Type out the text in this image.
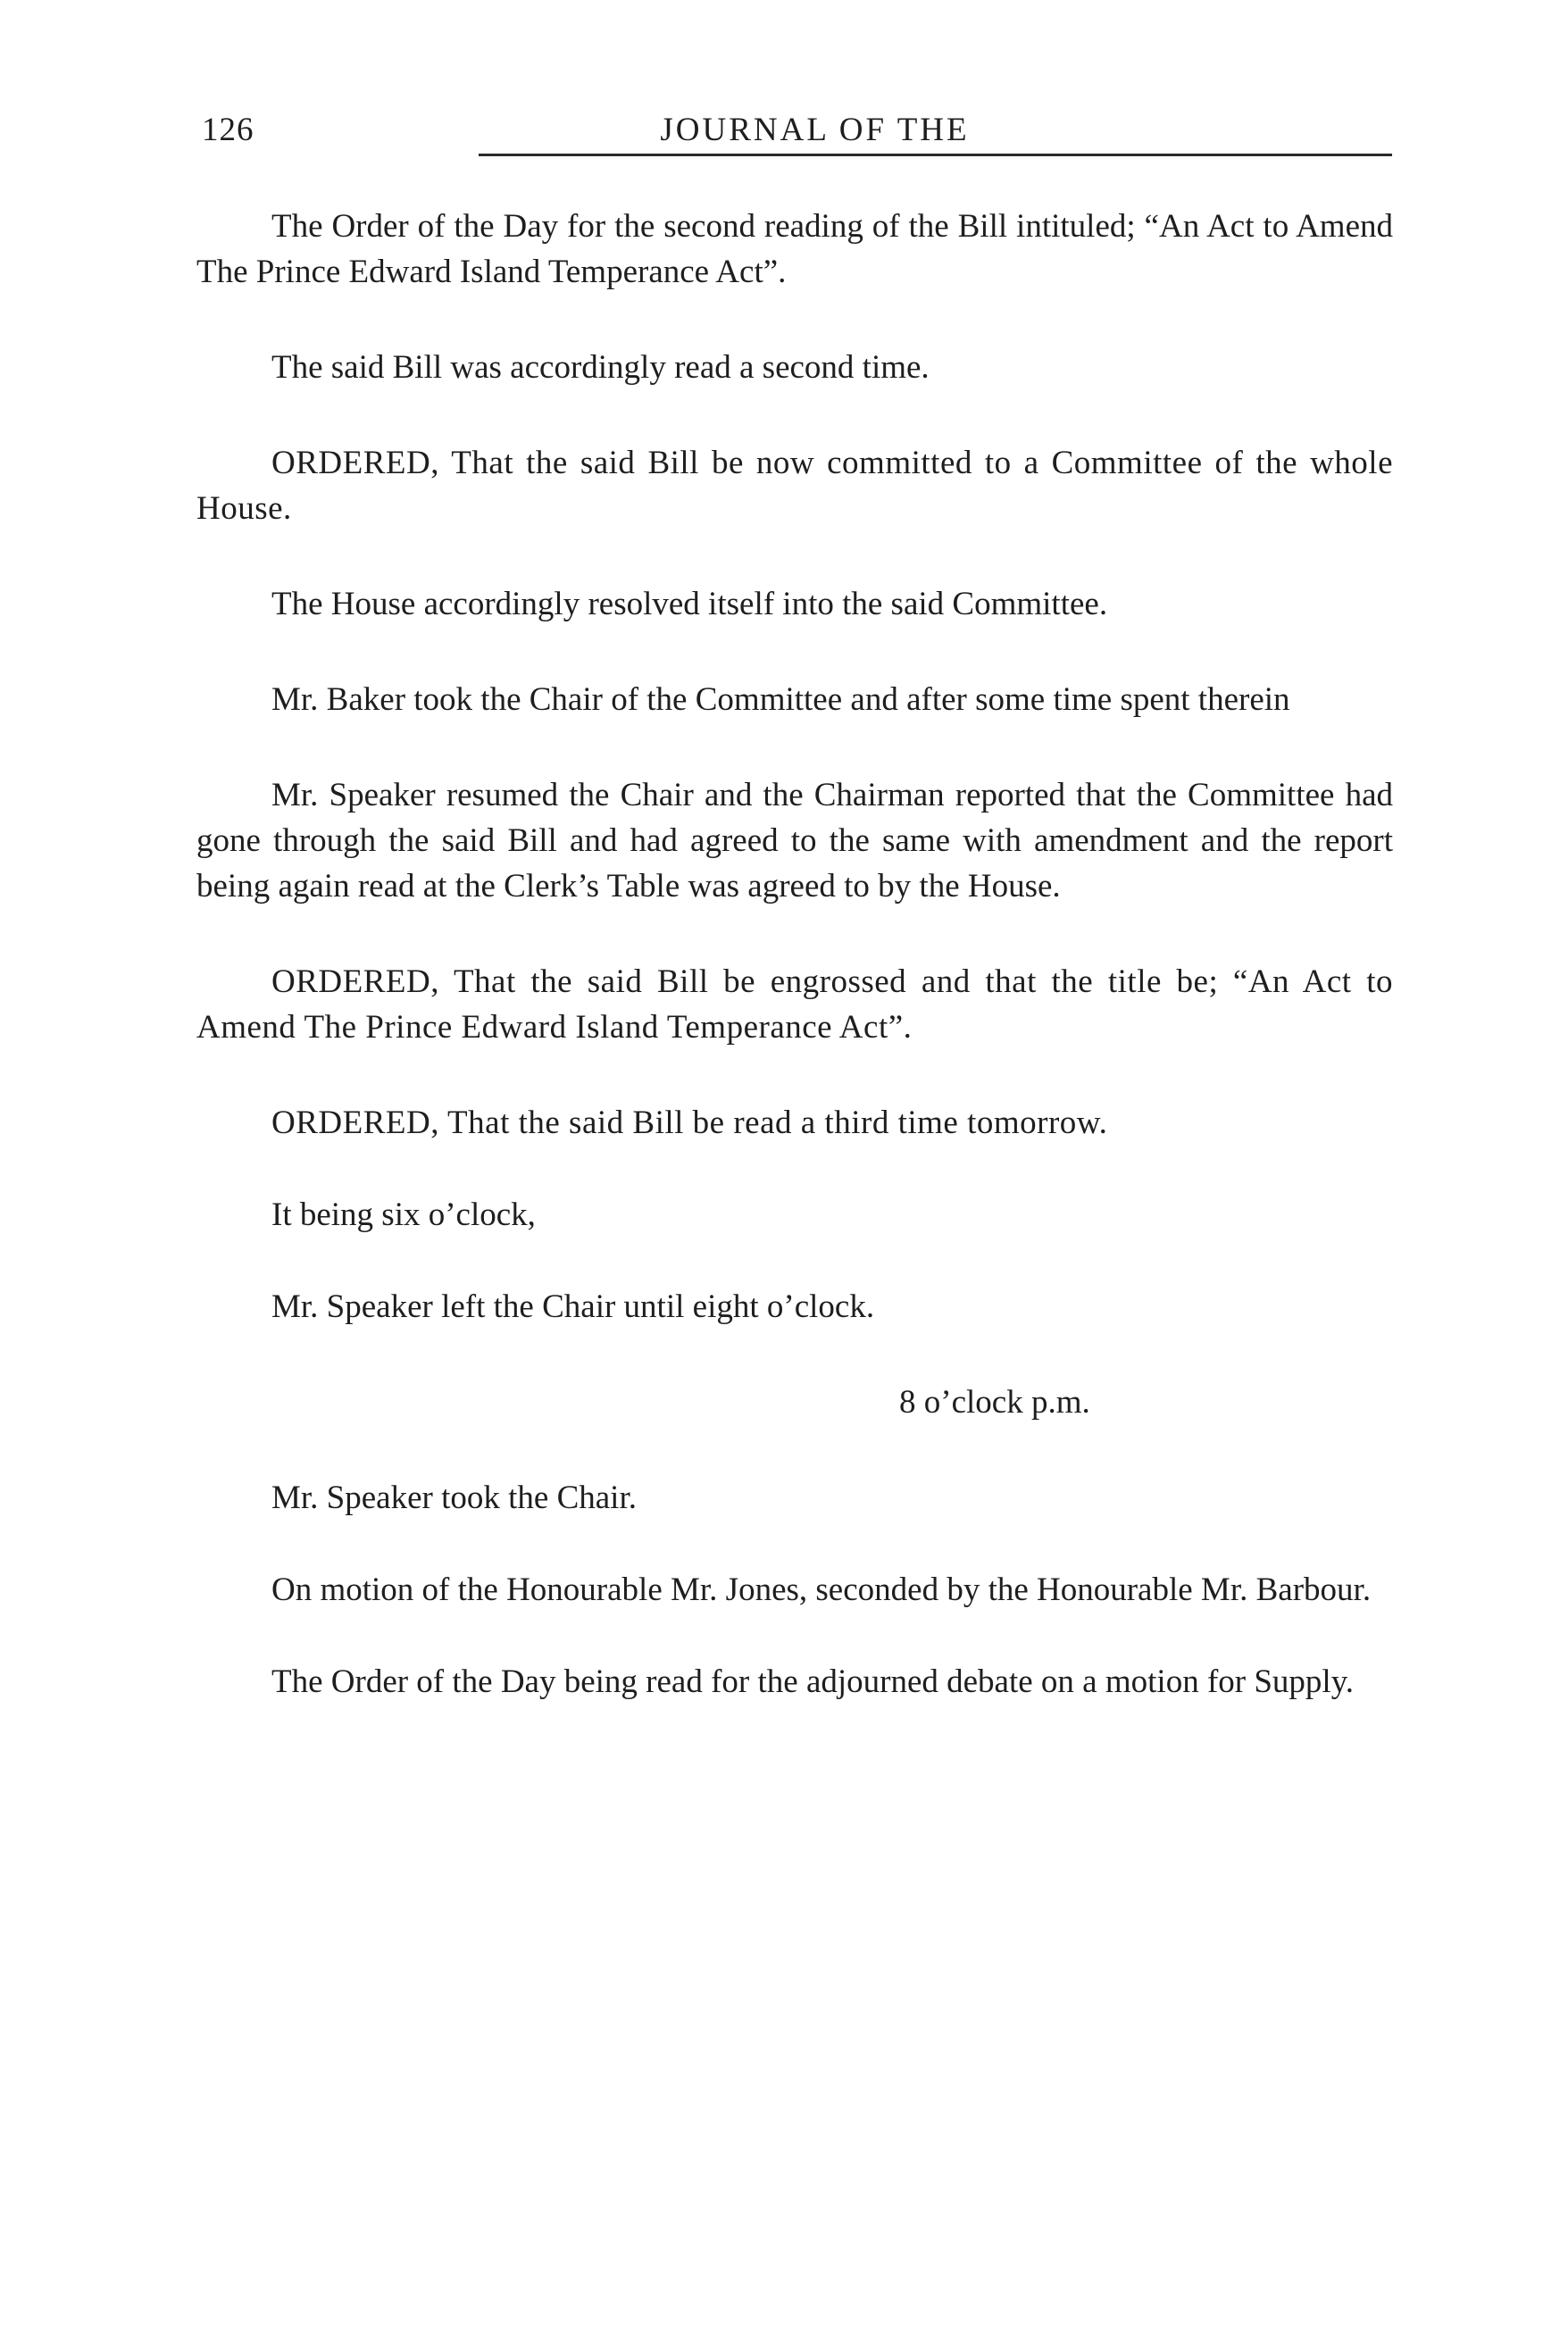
126	JOURNAL OF THE

The Order of the Day for the second reading of the Bill intituled; “An Act to Amend The Prince Edward Island Temperance Act”.

The said Bill was accordingly read a second time.

ORDERED, That the said Bill be now committed to a Committee of the whole House.

The House accordingly resolved itself into the said Committee.

Mr. Baker took the Chair of the Committee and after some time spent therein

Mr. Speaker resumed the Chair and the Chairman reported that the Committee had gone through the said Bill and had agreed to the same with amendment and the report being again read at the Clerk’s Table was agreed to by the House.

ORDERED, That the said Bill be engrossed and that the title be; “An Act to Amend The Prince Edward Island Temperance Act”.

ORDERED, That the said Bill be read a third time tomorrow.

It being six o’clock,

Mr. Speaker left the Chair until eight o’clock.

8 o’clock p.m.

Mr. Speaker took the Chair.

On motion of the Honourable Mr. Jones, seconded by the Honourable Mr. Barbour.

The Order of the Day being read for the adjourned debate on a motion for Supply.
